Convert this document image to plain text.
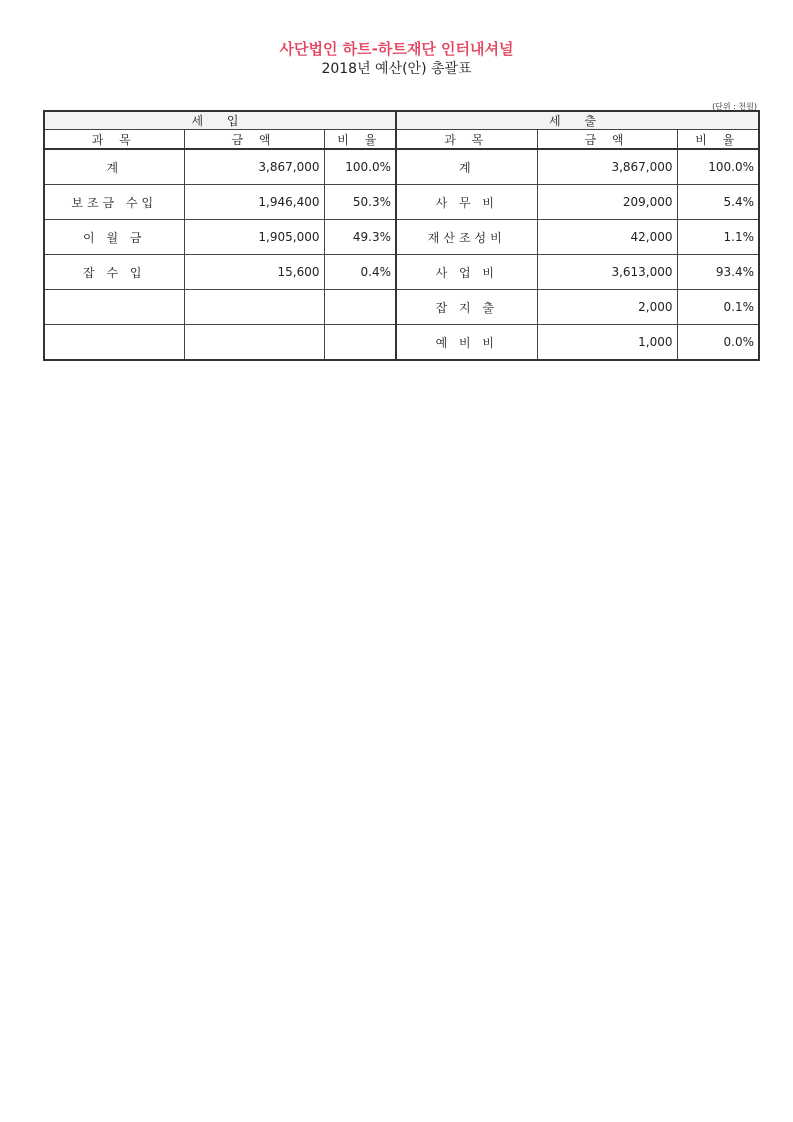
사단법인 하트-하트재단 인터내셔널
2018년 예산(안) 총괄표
(단위 : 천원)
세 입			세 출		
과 목	금 액	비 율	과 목	금 액	비 율
계	3,867,000	100.0%	계	3,867,000	100.0%
보조금 수입	1,946,400	50.3%	사 무 비	209,000	5.4%
이 월 금	1,905,000	49.3%	재산조성비	42,000	1.1%
잡 수 입	15,600	0.4%	사 업 비	3,613,000	93.4%
			잡 지 출	2,000	0.1%
			예 비 비	1,000	0.0%
